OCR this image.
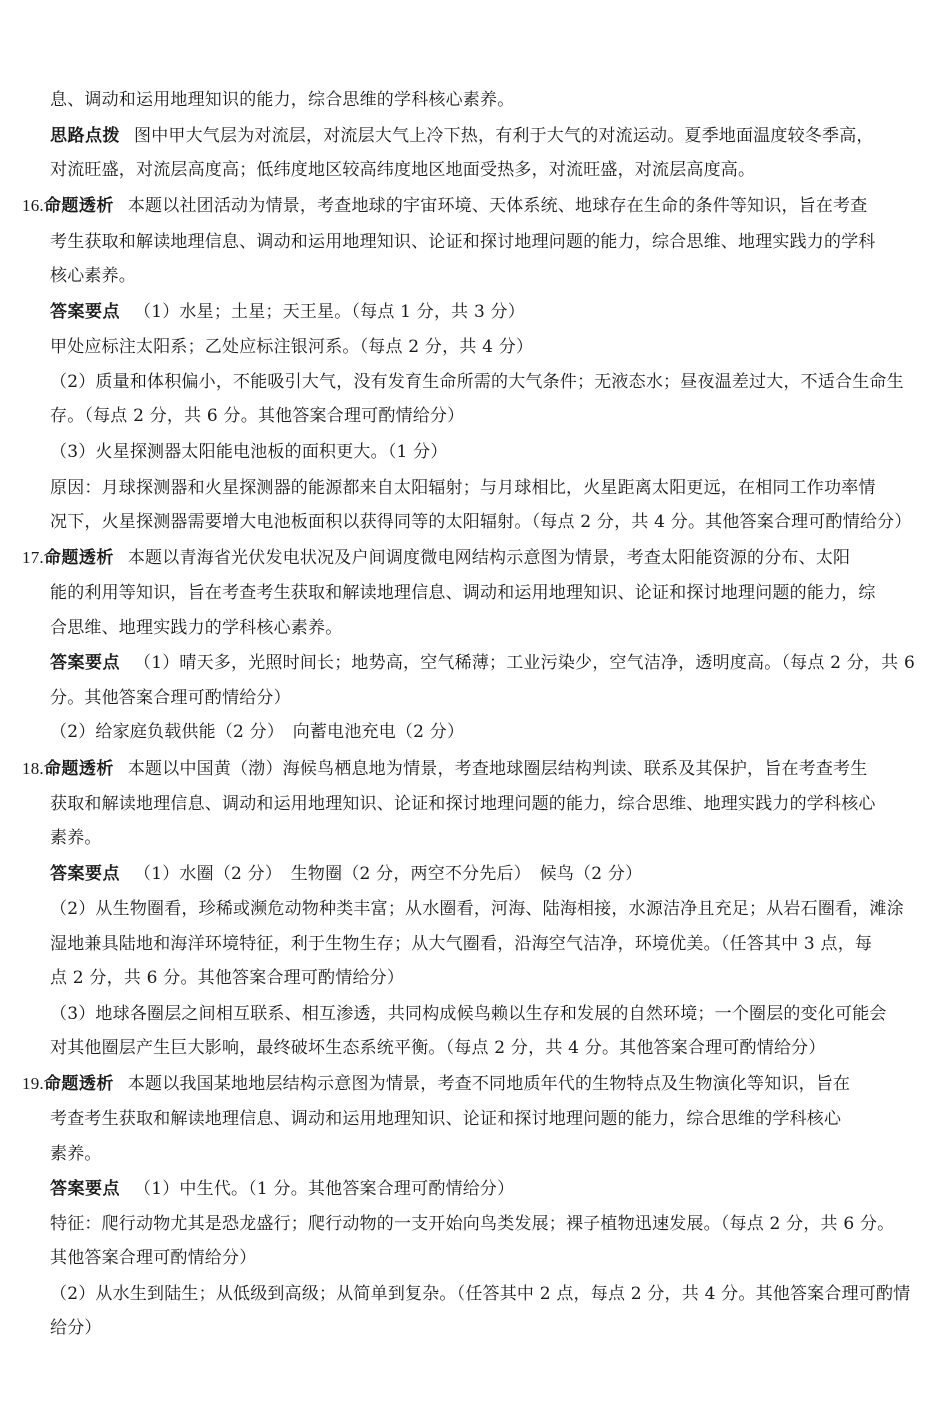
息、调动和运用地理知识的能力，综合思维的学科核心素养。
思路点拨 图中甲大气层为对流层，对流层大气上冷下热，有利于大气的对流运动。夏季地面温度较冬季高，
对流旺盛，对流层高度高；低纬度地区较高纬度地区地面受热多，对流旺盛，对流层高度高。
16.命题透析 本题以社团活动为情景，考查地球的宇宙环境、天体系统、地球存在生命的条件等知识，旨在考查
考生获取和解读地理信息、调动和运用地理知识、论证和探讨地理问题的能力，综合思维、地理实践力的学科
核心素养。
答案要点 （1）水星；土星；天王星。（每点 1 分，共 3 分）
甲处应标注太阳系；乙处应标注银河系。（每点 2 分，共 4 分）
（2）质量和体积偏小，不能吸引大气，没有发育生命所需的大气条件；无液态水；昼夜温差过大，不适合生命生
存。（每点 2 分，共 6 分。其他答案合理可酌情给分）
（3）火星探测器太阳能电池板的面积更大。（1 分）
原因：月球探测器和火星探测器的能源都来自太阳辐射；与月球相比，火星距离太阳更远，在相同工作功率情
况下，火星探测器需要增大电池板面积以获得同等的太阳辐射。（每点 2 分，共 4 分。其他答案合理可酌情给分）
17.命题透析 本题以青海省光伏发电状况及户间调度微电网结构示意图为情景，考查太阳能资源的分布、太阳
能的利用等知识，旨在考查考生获取和解读地理信息、调动和运用地理知识、论证和探讨地理问题的能力，综
合思维、地理实践力的学科核心素养。
答案要点 （1）晴天多，光照时间长；地势高，空气稀薄；工业污染少，空气洁净，透明度高。（每点 2 分，共 6
分。其他答案合理可酌情给分）
（2）给家庭负载供能（2 分）　向蓄电池充电（2 分）
18.命题透析 本题以中国黄（渤）海候鸟栖息地为情景，考查地球圈层结构判读、联系及其保护，旨在考查考生
获取和解读地理信息、调动和运用地理知识、论证和探讨地理问题的能力，综合思维、地理实践力的学科核心
素养。
答案要点 （1）水圈（2 分）　生物圈（2 分，两空不分先后）　候鸟（2 分）
（2）从生物圈看，珍稀或濒危动物种类丰富；从水圈看，河海、陆海相接，水源洁净且充足；从岩石圈看，滩涂
湿地兼具陆地和海洋环境特征，利于生物生存；从大气圈看，沿海空气洁净，环境优美。（任答其中 3 点，每
点 2 分，共 6 分。其他答案合理可酌情给分）
（3）地球各圈层之间相互联系、相互渗透，共同构成候鸟赖以生存和发展的自然环境；一个圈层的变化可能会
对其他圈层产生巨大影响，最终破坏生态系统平衡。（每点 2 分，共 4 分。其他答案合理可酌情给分）
19.命题透析 本题以我国某地地层结构示意图为情景，考查不同地质年代的生物特点及生物演化等知识，旨在
考查考生获取和解读地理信息、调动和运用地理知识、论证和探讨地理问题的能力，综合思维的学科核心
素养。
答案要点 （1）中生代。（1 分。其他答案合理可酌情给分）
特征：爬行动物尤其是恐龙盛行；爬行动物的一支开始向鸟类发展；裸子植物迅速发展。（每点 2 分，共 6 分。
其他答案合理可酌情给分）
（2）从水生到陆生；从低级到高级；从简单到复杂。（任答其中 2 点，每点 2 分，共 4 分。其他答案合理可酌情
给分）
